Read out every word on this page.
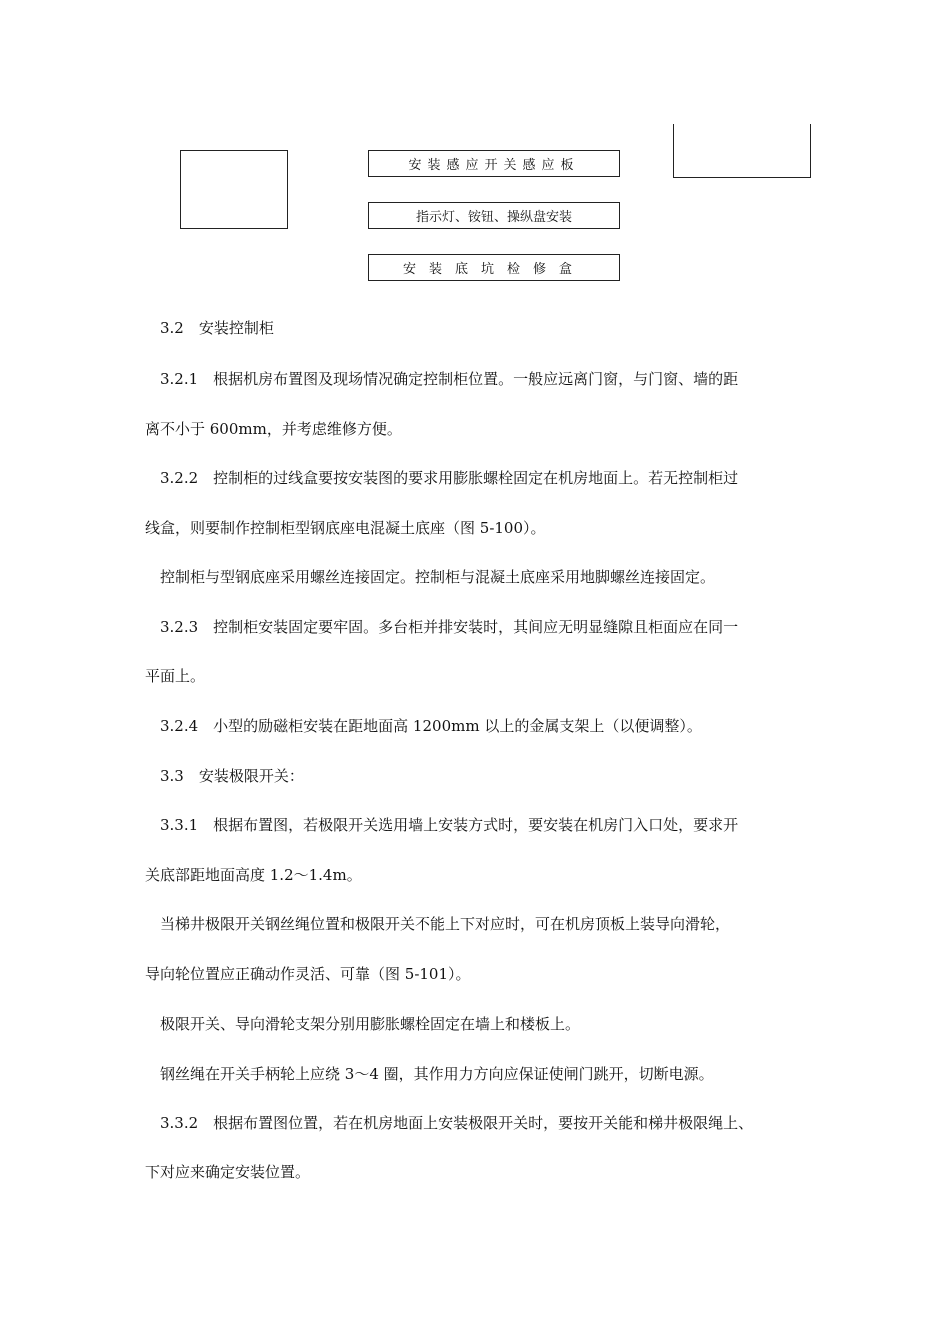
安装感应开关感应板
指示灯、铵钮、操纵盘安装
安装底坑检修盒
3.2　安装控制柜
3.2.1　根据机房布置图及现场情况确定控制柜位置。一般应远离门窗，与门窗、墙的距
离不小于 600mm，并考虑维修方便。
3.2.2　控制柜的过线盒要按安装图的要求用膨胀螺栓固定在机房地面上。若无控制柜过
线盒，则要制作控制柜型钢底座电混凝土底座（图 5-100）。
控制柜与型钢底座采用螺丝连接固定。控制柜与混凝土底座采用地脚螺丝连接固定。
3.2.3　控制柜安装固定要牢固。多台柜并排安装时，其间应无明显缝隙且柜面应在同一
平面上。
3.2.4　小型的励磁柜安装在距地面高 1200mm 以上的金属支架上（以便调整）。
3.3　安装极限开关：
3.3.1　根据布置图，若极限开关选用墙上安装方式时，要安装在机房门入口处，要求开
关底部距地面高度 1.2～1.4m。
当梯井极限开关钢丝绳位置和极限开关不能上下对应时，可在机房顶板上装导向滑轮，
导向轮位置应正确动作灵活、可靠（图 5-101）。
极限开关、导向滑轮支架分别用膨胀螺栓固定在墙上和楼板上。
钢丝绳在开关手柄轮上应绕 3～4 圈，其作用力方向应保证使闸门跳开，切断电源。
3.3.2　根据布置图位置，若在机房地面上安装极限开关时，要按开关能和梯井极限绳上、
下对应来确定安装位置。
